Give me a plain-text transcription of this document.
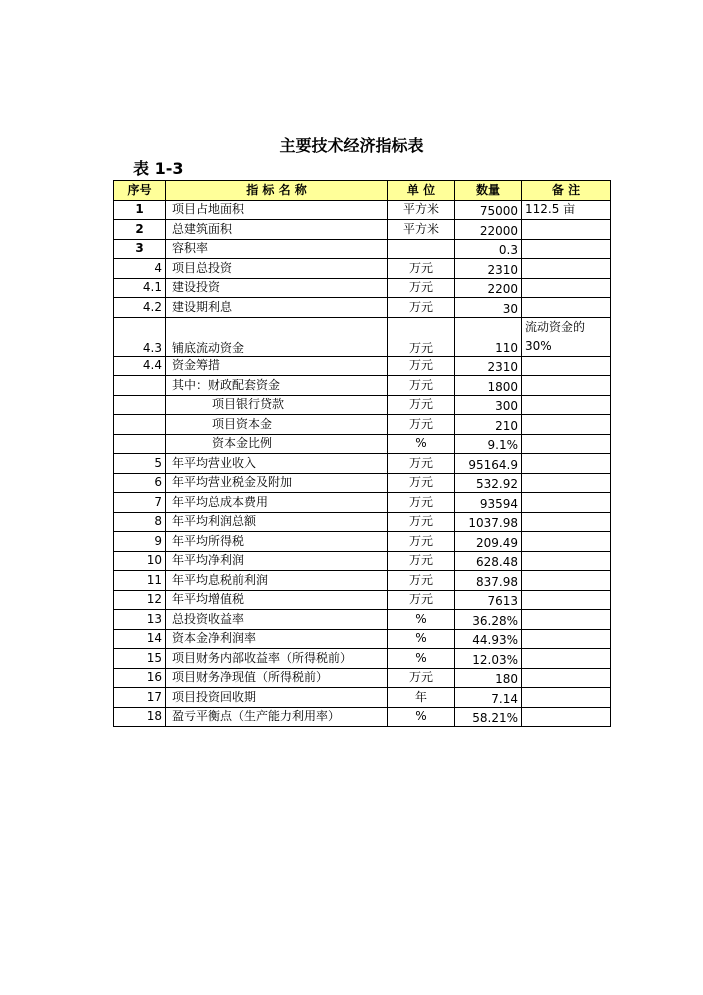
主要技术经济指标表
表 1-3
序号	指 标 名 称	单 位	数量	备 注
1	项目占地面积	平方米	75000	112.5 亩
2	总建筑面积	平方米	22000	
3	容积率		0.3	
4	项目总投资	万元	2310	
4.1	建设投资	万元	2200	
4.2	建设期利息	万元	30	
4.3	铺底流动资金	万元	110	流动资金的30%
4.4	资金筹措	万元	2310	
	其中：财政配套资金	万元	1800	
	项目银行贷款	万元	300	
	项目资本金	万元	210	
	资本金比例	%	9.1%	
5	年平均营业收入	万元	95164.9	
6	年平均营业税金及附加	万元	532.92	
7	年平均总成本费用	万元	93594	
8	年平均利润总额	万元	1037.98	
9	年平均所得税	万元	209.49	
10	年平均净利润	万元	628.48	
11	年平均息税前利润	万元	837.98	
12	年平均增值税	万元	7613	
13	总投资收益率	%	36.28%	
14	资本金净利润率	%	44.93%	
15	项目财务内部收益率（所得税前）	%	12.03%	
16	项目财务净现值（所得税前）	万元	180	
17	项目投资回收期	年	7.14	
18	盈亏平衡点（生产能力利用率）	%	58.21%	
